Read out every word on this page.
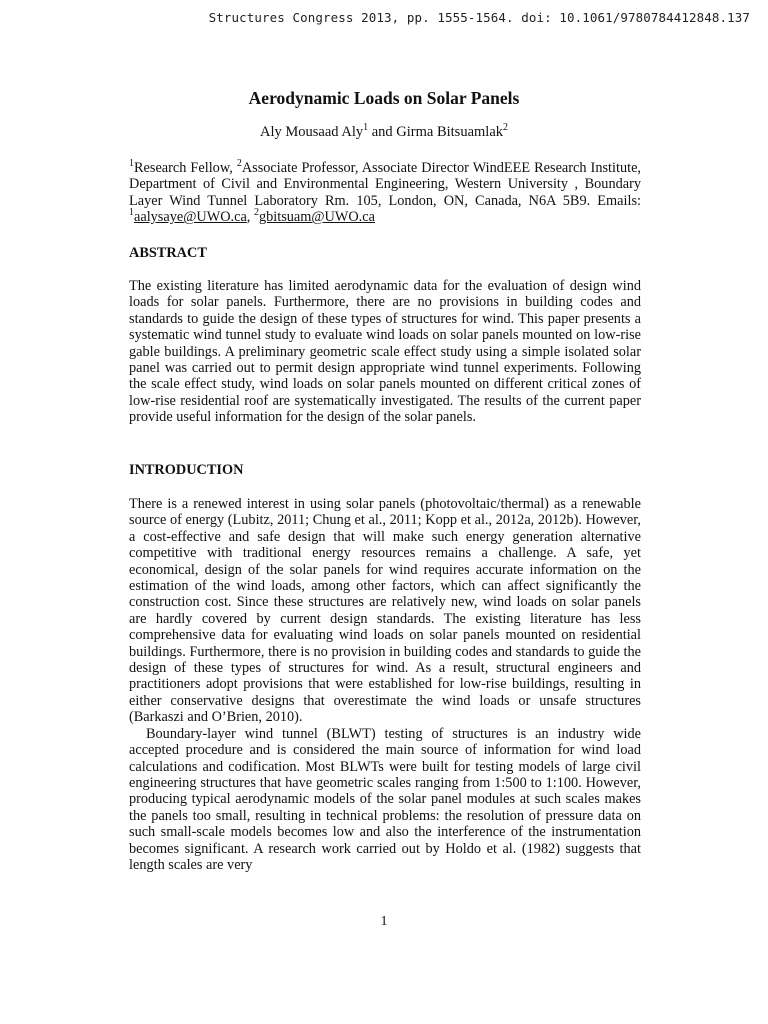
Structures Congress 2013, pp. 1555-1564. doi: 10.1061/9780784412848.137
Aerodynamic Loads on Solar Panels
Aly Mousaad Aly$^1$ and Girma Bitsuamlak$^2$
$^1$Research Fellow, $^2$Associate Professor, Associate Director WindEEE Research Institute, Department of Civil and Environmental Engineering, Western University , Boundary Layer Wind Tunnel Laboratory Rm. 105, London, ON, Canada, N6A 5B9. Emails: $^1$aalysaye@UWO.ca, $^2$gbitsuam@UWO.ca
ABSTRACT

The existing literature has limited aerodynamic data for the evaluation of design wind loads for solar panels. Furthermore, there are no provisions in building codes and standards to guide the design of these types of structures for wind. This paper presents a systematic wind tunnel study to evaluate wind loads on solar panels mounted on low-rise gable buildings. A preliminary geometric scale effect study using a simple isolated solar panel was carried out to permit design appropriate wind tunnel experiments. Following the scale effect study, wind loads on solar panels mounted on different critical zones of low-rise residential roof are systematically investigated. The results of the current paper provide useful information for the design of the solar panels.

INTRODUCTION

There is a renewed interest in using solar panels (photovoltaic/thermal) as a renewable source of energy (Lubitz, 2011; Chung et al., 2011; Kopp et al., 2012a, 2012b). However, a cost-effective and safe design that will make such energy generation alternative competitive with traditional energy resources remains a challenge. A safe, yet economical, design of the solar panels for wind requires accurate information on the estimation of the wind loads, among other factors, which can affect significantly the construction cost. Since these structures are relatively new, wind loads on solar panels are hardly covered by current design standards. The existing literature has less comprehensive data for evaluating wind loads on solar panels mounted on residential buildings. Furthermore, there is no provision in building codes and standards to guide the design of these types of structures for wind. As a result, structural engineers and practitioners adopt provisions that were established for low-rise buildings, resulting in either conservative designs that overestimate the wind loads or unsafe structures (Barkaszi and O’Brien, 2010).

Boundary-layer wind tunnel (BLWT) testing of structures is an industry wide accepted procedure and is considered the main source of information for wind load calculations and codification. Most BLWTs were built for testing models of large civil engineering structures that have geometric scales ranging from 1:500 to 1:100. However, producing typical aerodynamic models of the solar panel modules at such scales makes the panels too small, resulting in technical problems: the resolution of pressure data on such small-scale models becomes low and also the interference of the instrumentation becomes significant. A research work carried out by Holdo et al. (1982) suggests that length scales are very

1
